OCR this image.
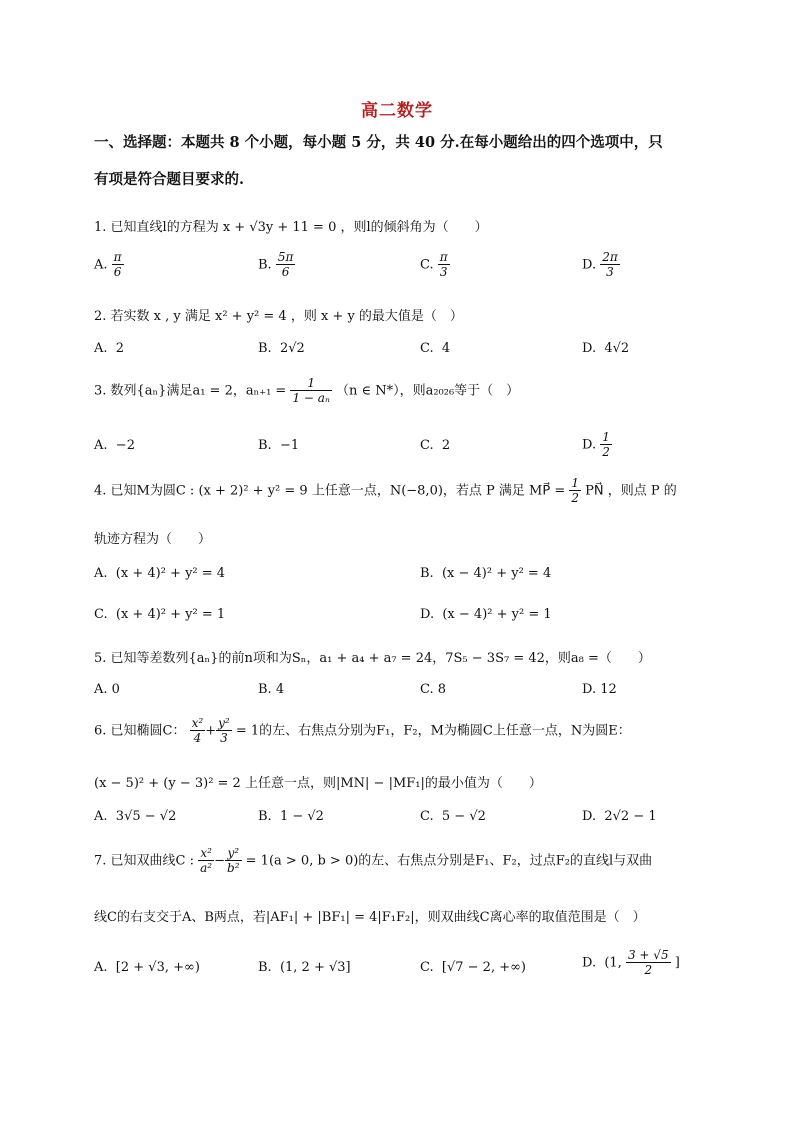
高二数学
一、选择题：本题共 8 个小题，每小题 5 分，共 40 分.在每小题给出的四个选项中，只
有项是符合题目要求的.
1. 已知直线l的方程为 x + √3y + 11 = 0 ，则l的倾斜角为（　　）
A. $\frac{\pi}{6}$	B. $\frac{5\pi}{6}$	C. $\frac{\pi}{3}$	D. $\frac{2\pi}{3}$
2. 若实数 x , y 满足 x² + y² = 4 ，则 x + y 的最大值是（　）
A. 2	B. 2√2	C. 4	D. 4√2
3. 数列{aₙ}满足a₁ = 2，$a_{n+1} = \frac{1}{\text{1 − aₙ}} (n$ ∈ N*），则a₂₀₂₆等于（　）
A. −2	B. −1	C. 2	D. $\frac{1}{2}$
4. 已知M为圆C : (x + 2)² + y² = 9 上任意一点，N(−8,0)，若点 P 满足 MP⃗ = $\frac{1}{2}$ PN⃗ ，则点 P 的
轨迹方程为（　　）
A. (x + 4)² + y² = 4	B. (x − 4)² + y² = 4
C. (x + 4)² + y² = 1	D. (x − 4)² + y² = 1
5. 已知等差数列{aₙ}的前n项和为Sₙ，a₁ + a₄ + a₇ = 24，7S₅ − 3S₇ = 42，则a₈ =（　　）
A. 0	B. 4	C. 8	D. 12
6. 已知椭圆C： $\frac{\text{x²}}{4} + \frac{\text{y²}}{3} = 1$的左、右焦点分别为F₁，F₂，M为椭圆C上任意一点，N为圆E：
(x − 5)² + (y − 3)² = 2 上任意一点，则|MN| − |MF₁|的最小值为（　　）
A. 3√5 − √2	B. 1 − √2	C. 5 − √2	D. 2√2 − 1
7. 已知双曲线C : $\frac{\text{x²}}{\text{a²}} - \frac{\text{y²}}{\text{b²}} = 1(a > 0$, b > 0)的左、右焦点分别是F₁、F₂，过点F₂的直线l与双曲
线C的右支交于A、B两点，若|AF₁| + |BF₁| = 4|F₁F₂|，则双曲线C离心率的取值范围是（　）
A. [2 + √3, +∞)	B. (1, 2 + √3]	C. [√7 − 2, +∞)	D. (1, $\frac{3 + √5}{2}$ ]
